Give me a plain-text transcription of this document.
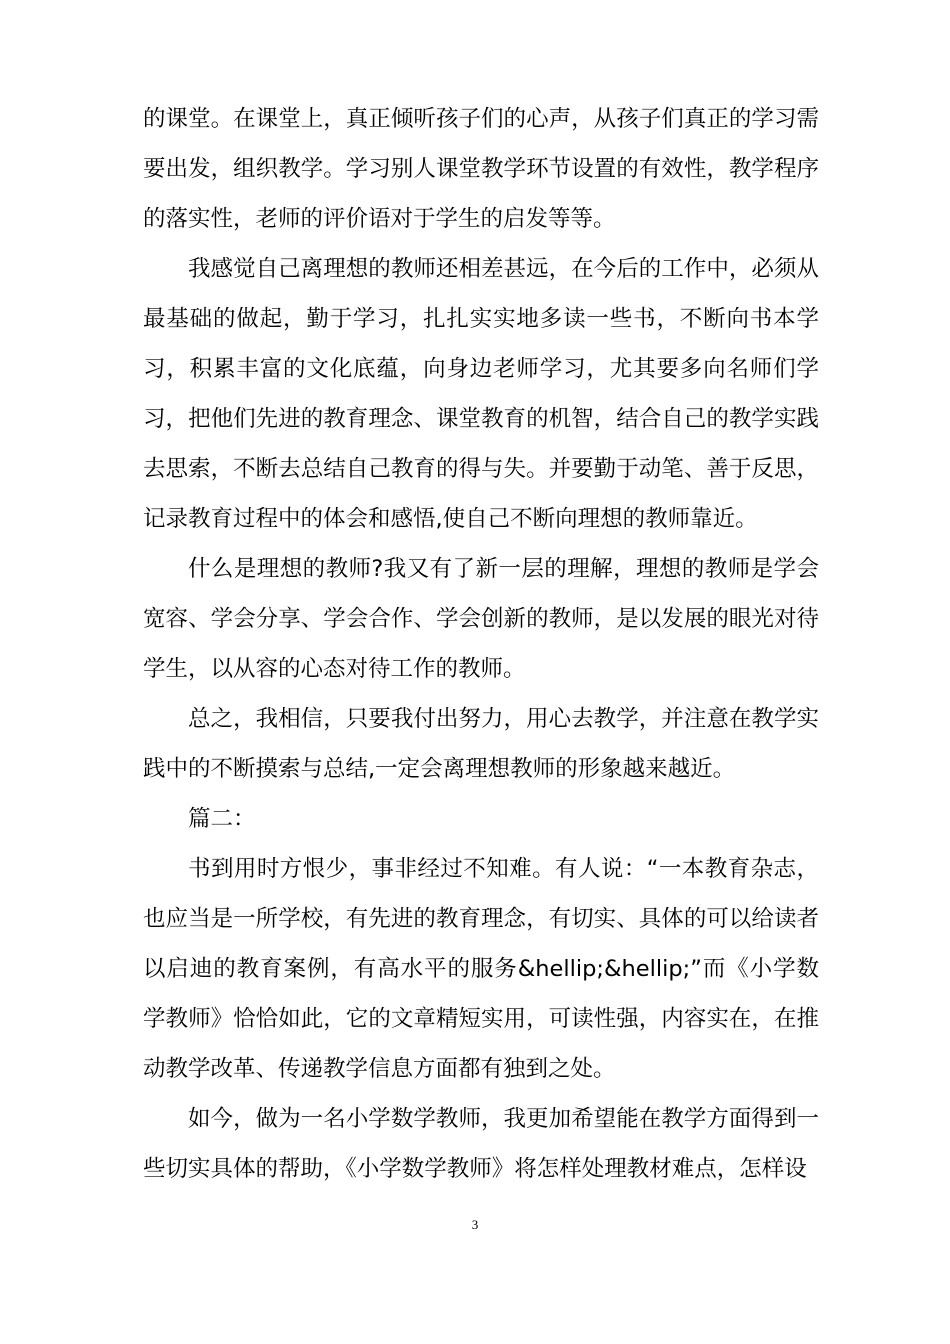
的课堂。在课堂上，真正倾听孩子们的心声，从孩子们真正的学习需要出发，组织教学。学习别人课堂教学环节设置的有效性，教学程序的落实性，老师的评价语对于学生的启发等等。

我感觉自己离理想的教师还相差甚远，在今后的工作中，必须从最基础的做起，勤于学习，扎扎实实地多读一些书，不断向书本学习，积累丰富的文化底蕴，向身边老师学习，尤其要多向名师们学习，把他们先进的教育理念、课堂教育的机智，结合自己的教学实践去思索，不断去总结自己教育的得与失。并要勤于动笔、善于反思，记录教育过程中的体会和感悟,使自己不断向理想的教师靠近。

什么是理想的教师?我又有了新一层的理解，理想的教师是学会宽容、学会分享、学会合作、学会创新的教师，是以发展的眼光对待学生，以从容的心态对待工作的教师。

总之，我相信，只要我付出努力，用心去教学，并注意在教学实践中的不断摸索与总结,一定会离理想教师的形象越来越近。

篇二：

书到用时方恨少，事非经过不知难。有人说：“一本教育杂志，也应当是一所学校，有先进的教育理念，有切实、具体的可以给读者以启迪的教育案例，有高水平的服务&hellip;&hellip;”而《小学数学教师》恰恰如此，它的文章精短实用，可读性强，内容实在，在推动教学改革、传递教学信息方面都有独到之处。

如今，做为一名小学数学教师，我更加希望能在教学方面得到一些切实具体的帮助，《小学数学教师》将怎样处理教材难点，怎样设

3
